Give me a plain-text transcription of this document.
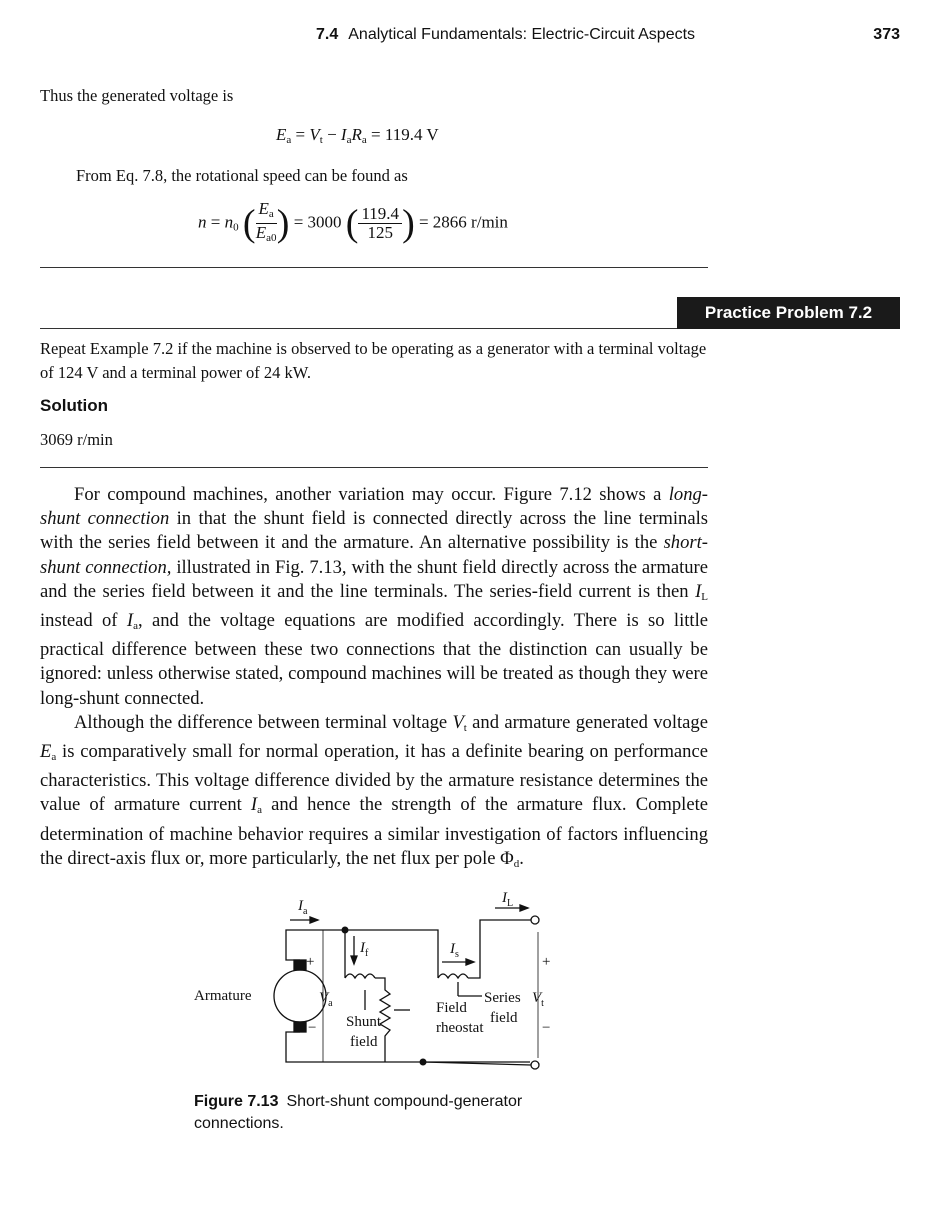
7.4 Analytical Fundamentals: Electric-Circuit Aspects	373
Thus the generated voltage is
$E_a = V_t - I_aR_a = 119.4$ V
From Eq. 7.8, the rotational speed can be found as
$n = n_0$ ( $\frac{E_a}{E_{a0}}$ ) = 3000 ( $\frac{119.4}{125}$ ) = 2866 r/min
Practice Problem 7.2
Repeat Example 7.2 if the machine is observed to be operating as a generator with a terminal voltage of 124 V and a terminal power of 24 kW.
Solution
3069 r/min

For compound machines, another variation may occur. Figure 7.12 shows a long-shunt connection in that the shunt field is connected directly across the line terminals with the series field between it and the armature. An alternative possibility is the short-shunt connection, illustrated in Fig. 7.13, with the shunt field directly across the armature and the series field between it and the line terminals. The series-field current is then $I_L$ instead of $I_a$, and the voltage equations are modified accordingly. There is so little practical difference between these two connections that the distinction can usually be ignored: unless otherwise stated, compound machines will be treated as though they were long-shunt connected.

Although the difference between terminal voltage $V_t$ and armature generated voltage $E_a$ is comparatively small for normal operation, it has a definite bearing on performance characteristics. This voltage difference divided by the armature resistance determines the value of armature current $I_a$ and hence the strength of the armature flux. Complete determination of machine behavior requires a similar investigation of factors influencing the direct-axis flux or, more particularly, the net flux per pole $\Phi_d$.

$I_a$
$I_L$
$I_f$	$I_s$
$V_a$	$V_t$
+
−
+
−
Armature
Shunt
field
Field
rheostat
Series
field
Figure 7.13 Short-shunt compound-generator connections.
